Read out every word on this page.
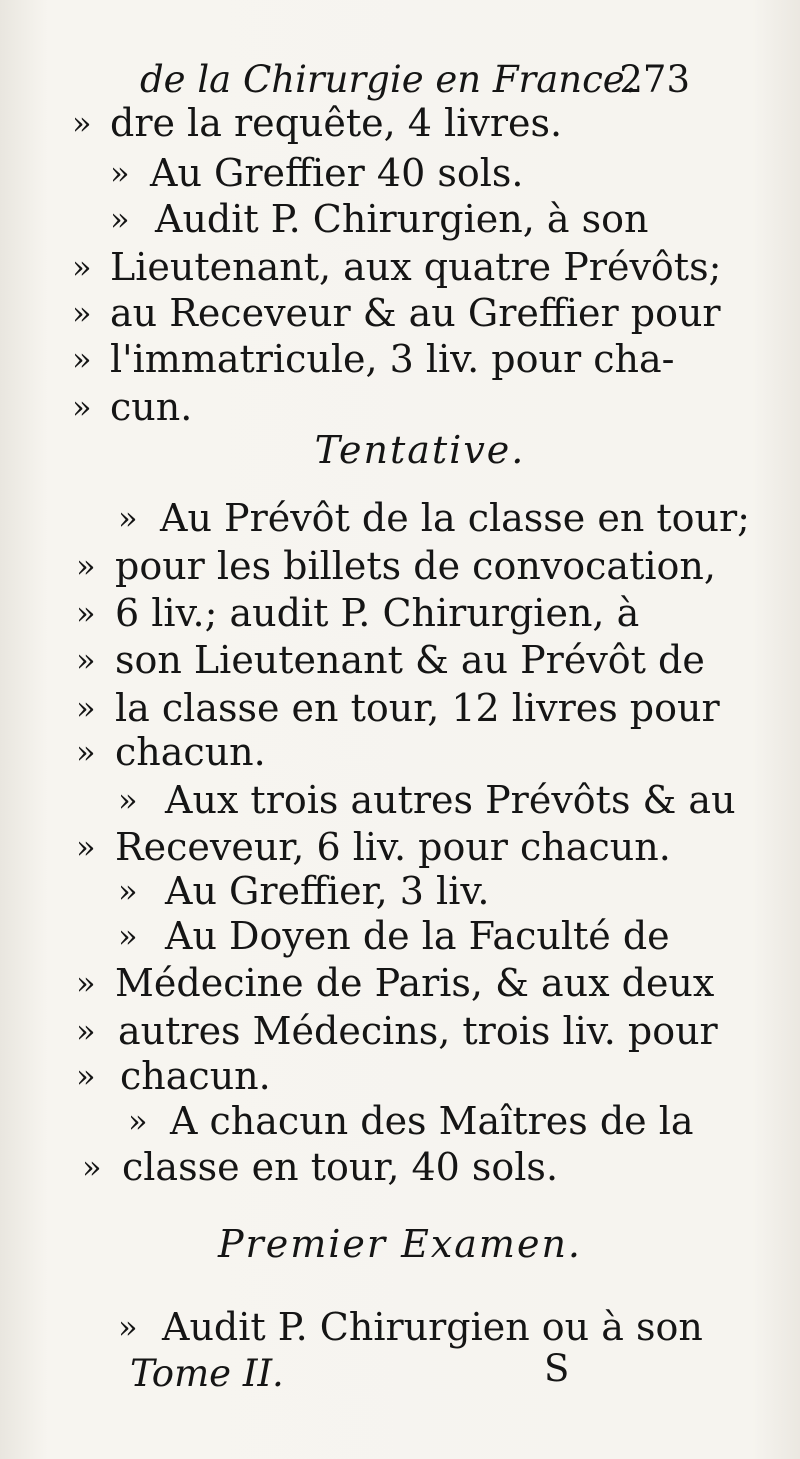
de la Chirurgie en France.
273
» dre la requête, 4 livres.
» Au Greffier 40 sols.
» Audit P. Chirurgien, à son
» Lieutenant, aux quatre Prévôts;
» au Receveur & au Greffier pour
» l'immatricule, 3 liv. pour cha-
» cun.
Tentative.
» Au Prévôt de la classe en tour;
» pour les billets de convocation,
» 6 liv.; audit P. Chirurgien, à
» son Lieutenant & au Prévôt de
» la classe en tour, 12 livres pour
» chacun.
» Aux trois autres Prévôts & au
» Receveur, 6 liv. pour chacun.
» Au Greffier, 3 liv.
» Au Doyen de la Faculté de
» Médecine de Paris, & aux deux
» autres Médecins, trois liv. pour
» chacun.
» A chacun des Maîtres de la
» classe en tour, 40 sols.
Premier Examen.
» Audit P. Chirurgien ou à son
Tome II.	S
